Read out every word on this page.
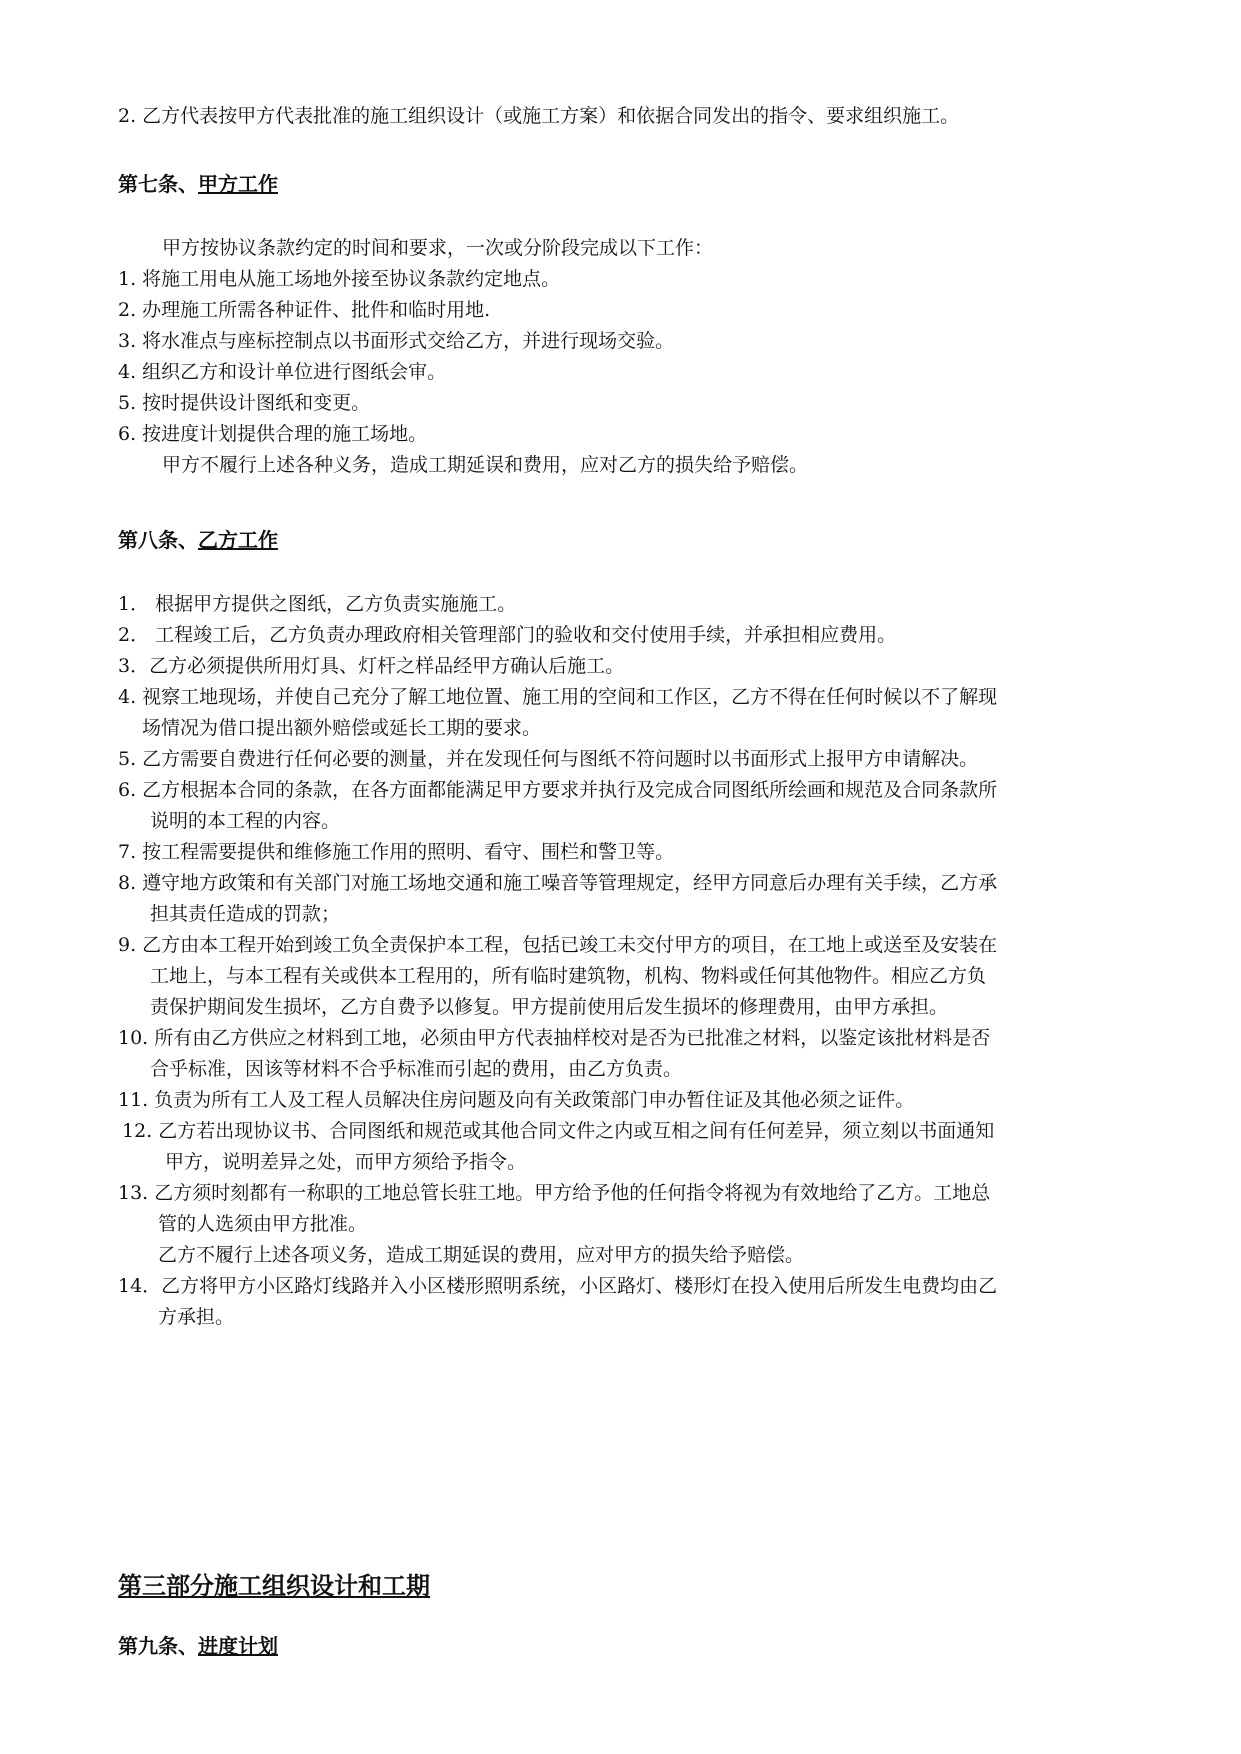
2. 乙方代表按甲方代表批准的施工组织设计（或施工方案）和依据合同发出的指令、要求组织施工。
第七条、甲方工作
甲方按协议条款约定的时间和要求，一次或分阶段完成以下工作：
1. 将施工用电从施工场地外接至协议条款约定地点。
2. 办理施工所需各种证件、批件和临时用地.
3. 将水准点与座标控制点以书面形式交给乙方，并进行现场交验。
4. 组织乙方和设计单位进行图纸会审。
5. 按时提供设计图纸和变更。
6. 按进度计划提供合理的施工场地。
甲方不履行上述各种义务，造成工期延误和费用，应对乙方的损失给予赔偿。
第八条、乙方工作
1． 根据甲方提供之图纸，乙方负责实施施工。
2． 工程竣工后，乙方负责办理政府相关管理部门的验收和交付使用手续，并承担相应费用。
3．乙方必须提供所用灯具、灯杆之样品经甲方确认后施工。
4. 视察工地现场，并使自己充分了解工地位置、施工用的空间和工作区，乙方不得在任何时候以不了解现
场情况为借口提出额外赔偿或延长工期的要求。
5. 乙方需要自费进行任何必要的测量，并在发现任何与图纸不符问题时以书面形式上报甲方申请解决。
6. 乙方根据本合同的条款，在各方面都能满足甲方要求并执行及完成合同图纸所绘画和规范及合同条款所
说明的本工程的内容。
7. 按工程需要提供和维修施工作用的照明、看守、围栏和警卫等。
8. 遵守地方政策和有关部门对施工场地交通和施工噪音等管理规定，经甲方同意后办理有关手续，乙方承
担其责任造成的罚款；
9. 乙方由本工程开始到竣工负全责保护本工程，包括已竣工未交付甲方的项目，在工地上或送至及安装在
工地上，与本工程有关或供本工程用的，所有临时建筑物，机构、物料或任何其他物件。相应乙方负
责保护期间发生损坏，乙方自费予以修复。甲方提前使用后发生损坏的修理费用，由甲方承担。
10. 所有由乙方供应之材料到工地，必须由甲方代表抽样校对是否为已批准之材料，以鉴定该批材料是否
合乎标准，因该等材料不合乎标准而引起的费用，由乙方负责。
11. 负责为所有工人及工程人员解决住房问题及向有关政策部门申办暂住证及其他必须之证件。
12. 乙方若出现协议书、合同图纸和规范或其他合同文件之内或互相之间有任何差异，须立刻以书面通知
甲方，说明差异之处，而甲方须给予指令。
13. 乙方须时刻都有一称职的工地总管长驻工地。甲方给予他的任何指令将视为有效地给了乙方。工地总
管的人选须由甲方批准。
乙方不履行上述各项义务，造成工期延误的费用，应对甲方的损失给予赔偿。
14．乙方将甲方小区路灯线路并入小区楼形照明系统，小区路灯、楼形灯在投入使用后所发生电费均由乙
方承担。
第三部分施工组织设计和工期
第九条、进度计划
